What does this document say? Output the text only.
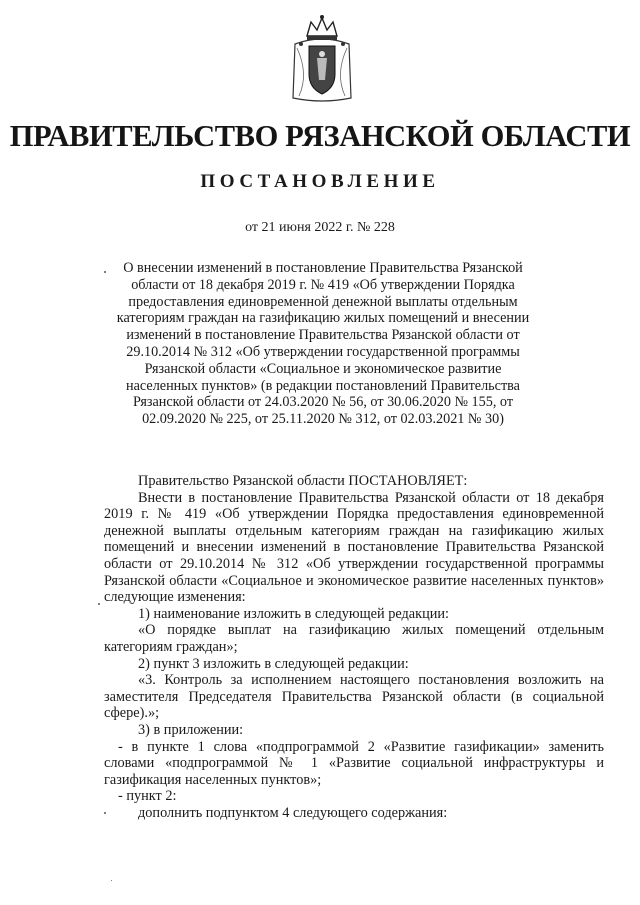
ПРАВИТЕЛЬСТВО РЯЗАНСКОЙ ОБЛАСТИ
ПОСТАНОВЛЕНИЕ
от 21 июня 2022 г. № 228

О внесении изменений в постановление Правительства Рязанской области от 18 декабря 2019 г. № 419 «Об утверждении Порядка предоставления единовременной денежной выплаты отдельным категориям граждан на газификацию жилых помещений и внесении изменений в постановление Правительства Рязанской области от 29.10.2014 № 312 «Об утверждении государственной программы Рязанской области «Социальное и экономическое развитие населенных пунктов» (в редакции постановлений Правительства Рязанской области от 24.03.2020 № 56, от 30.06.2020 № 155, от 02.09.2020 № 225, от 25.11.2020 № 312, от 02.03.2021 № 30)

Правительство Рязанской области ПОСТАНОВЛЯЕТ:

Внести в постановление Правительства Рязанской области от 18 декабря 2019 г. № 419 «Об утверждении Порядка предоставления единовременной денежной выплаты отдельным категориям граждан на газификацию жилых помещений и внесении изменений в постановление Правительства Рязанской области от 29.10.2014 № 312 «Об утверждении государственной программы Рязанской области «Социальное и экономическое развитие населенных пунктов» следующие изменения:

1) наименование изложить в следующей редакции:

«О порядке выплат на газификацию жилых помещений отдельным категориям граждан»;

2) пункт 3 изложить в следующей редакции:

«3. Контроль за исполнением настоящего постановления возложить на заместителя Председателя Правительства Рязанской области (в социальной сфере).»;

3) в приложении:

- в пункте 1 слова «подпрограммой 2 «Развитие газификации» заменить словами «подпрограммой № 1 «Развитие социальной инфраструктуры и газификация населенных пунктов»;

- пункт 2:

дополнить подпунктом 4 следующего содержания:
